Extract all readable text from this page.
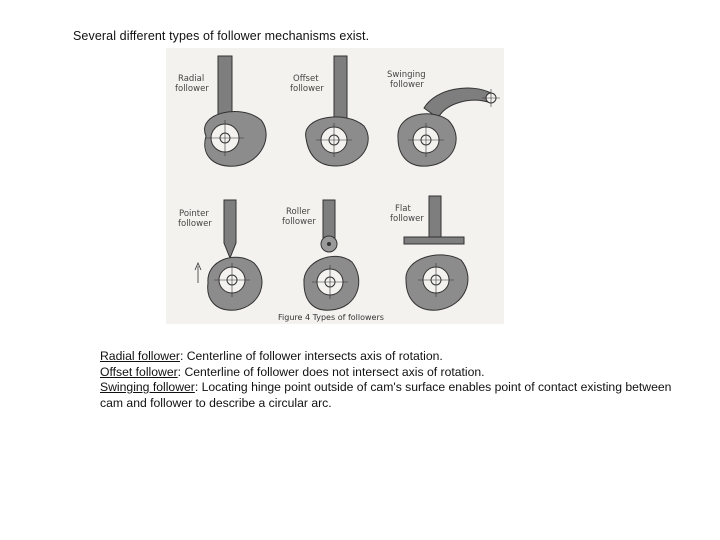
Several different types of follower mechanisms exist.
Radial
follower
Offset
follower
Swinging
follower
Pointer
follower
Roller
follower
Flat
follower
Figure 4 Types of followers

Radial follower: Centerline of follower intersects axis of rotation.

Offset follower: Centerline of follower does not intersect axis of rotation.

Swinging follower: Locating hinge point outside of cam's surface enables point of contact existing between cam and follower to describe a circular arc.
